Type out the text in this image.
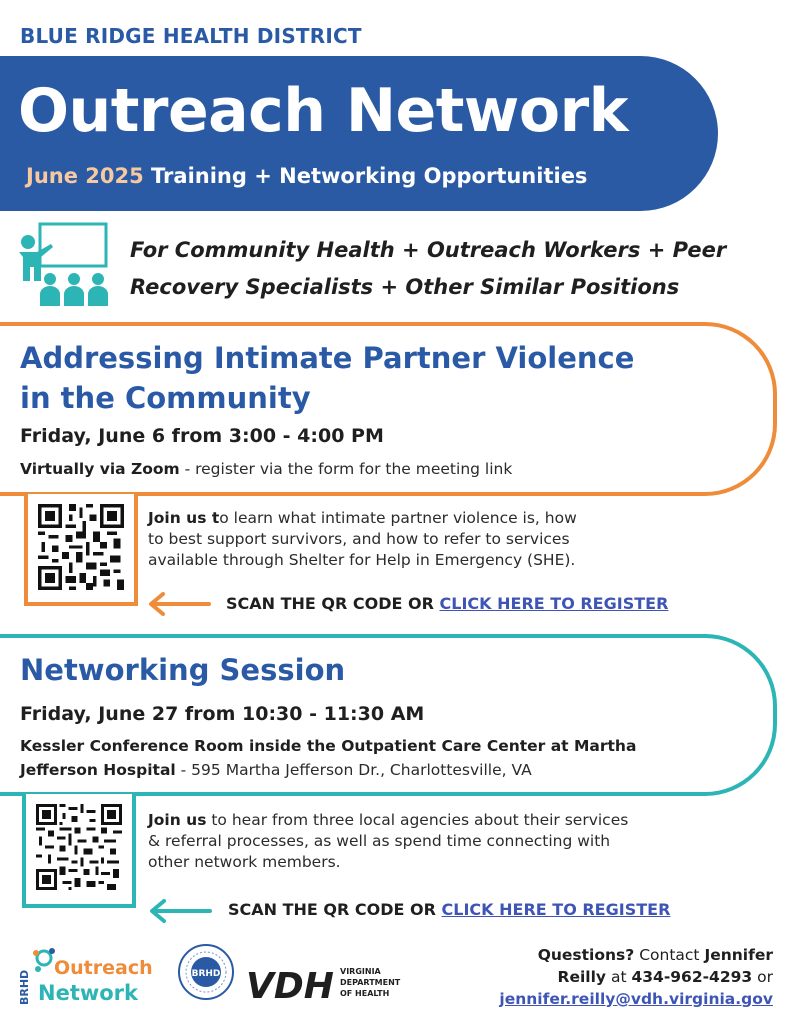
BLUE RIDGE HEALTH DISTRICT
Outreach Network
June 2025 Training + Networking Opportunities
For Community Health + Outreach Workers + Peer
Recovery Specialists + Other Similar Positions
Addressing Intimate Partner Violence
in the Community
Friday, June 6 from 3:00 - 4:00 PM
Virtually via Zoom - register via the form for the meeting link
Join us to learn what intimate partner violence is, how
to best support survivors, and how to refer to services
available through Shelter for Help in Emergency (SHE).
SCAN THE QR CODE OR CLICK HERE TO REGISTER
Networking Session
Friday, June 27 from 10:30 - 11:30 AM
Kessler Conference Room inside the Outpatient Care Center at Martha
Jefferson Hospital - 595 Martha Jefferson Dr., Charlottesville, VA
Join us to hear from three local agencies about their services
& referral processes, as well as spend time connecting with
other network members.
SCAN THE QR CODE OR CLICK HERE TO REGISTER
BRHD
Outreach
Network
BRHD VDH VIRGINIA
DEPARTMENT
OF HEALTH
Questions? Contact Jennifer
Reilly at 434-962-4293 or
jennifer.reilly@vdh.virginia.gov
